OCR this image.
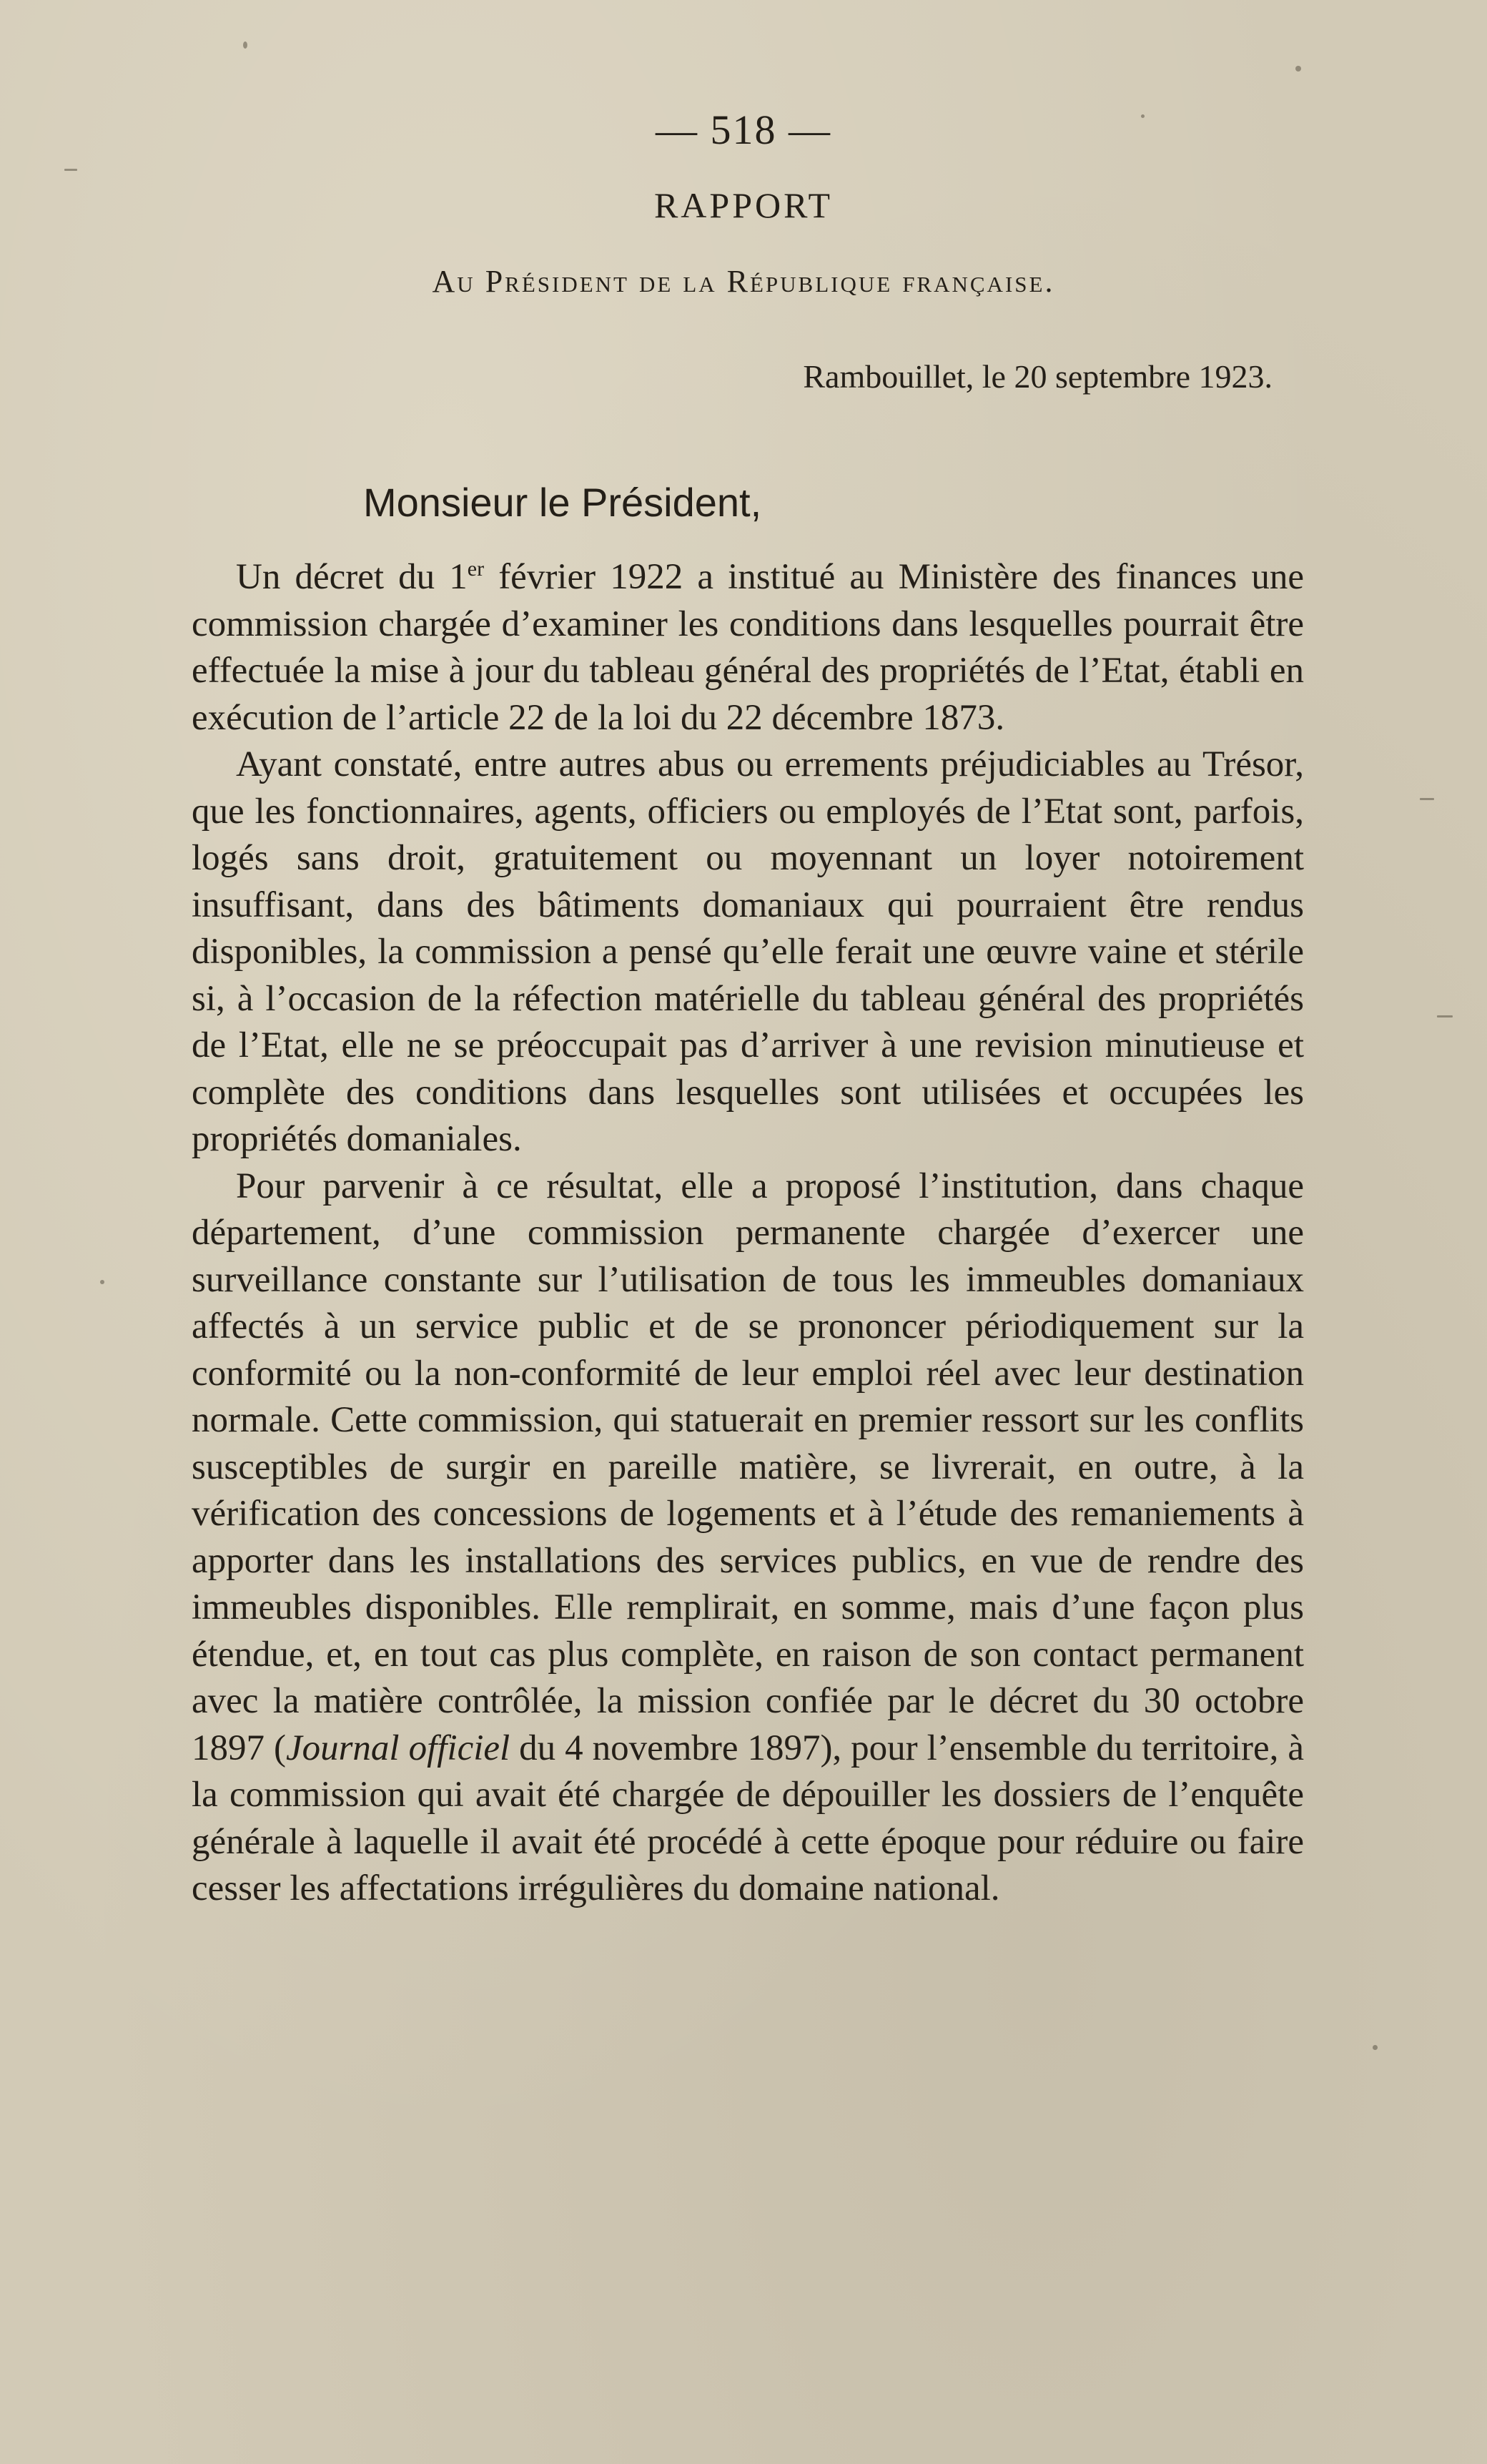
— 518 —
RAPPORT
Au Président de la République française.
Rambouillet, le 20 septembre 1923.
Monsieur le Président,

Un décret du 1er février 1922 a institué au Ministère des finances une commission chargée d’examiner les conditions dans lesquelles pourrait être effectuée la mise à jour du tableau général des propriétés de l’Etat, établi en exécution de l’article 22 de la loi du 22 décembre 1873.

Ayant constaté, entre autres abus ou errements préjudiciables au Trésor, que les fonctionnaires, agents, officiers ou employés de l’Etat sont, parfois, logés sans droit, gratuitement ou moyennant un loyer notoirement insuffisant, dans des bâtiments domaniaux qui pourraient être rendus disponibles, la commission a pensé qu’elle ferait une œuvre vaine et stérile si, à l’occasion de la réfection matérielle du tableau général des propriétés de l’Etat, elle ne se préoccupait pas d’arriver à une revision minutieuse et complète des conditions dans lesquelles sont utilisées et occupées les propriétés domaniales.

Pour parvenir à ce résultat, elle a proposé l’institution, dans chaque département, d’une commission permanente chargée d’exercer une surveillance constante sur l’utilisation de tous les immeubles domaniaux affectés à un service public et de se prononcer périodiquement sur la conformité ou la non-conformité de leur emploi réel avec leur destination normale. Cette commission, qui statuerait en premier ressort sur les conflits susceptibles de surgir en pareille matière, se livrerait, en outre, à la vérification des concessions de logements et à l’étude des remaniements à apporter dans les installations des services publics, en vue de rendre des immeubles disponibles. Elle remplirait, en somme, mais d’une façon plus étendue, et, en tout cas plus complète, en raison de son contact permanent avec la matière contrôlée, la mission confiée par le décret du 30 octobre 1897 (Journal officiel du 4 novembre 1897), pour l’ensemble du territoire, à la commission qui avait été chargée de dépouiller les dossiers de l’enquête générale à laquelle il avait été procédé à cette époque pour réduire ou faire cesser les affectations irrégulières du domaine national.
